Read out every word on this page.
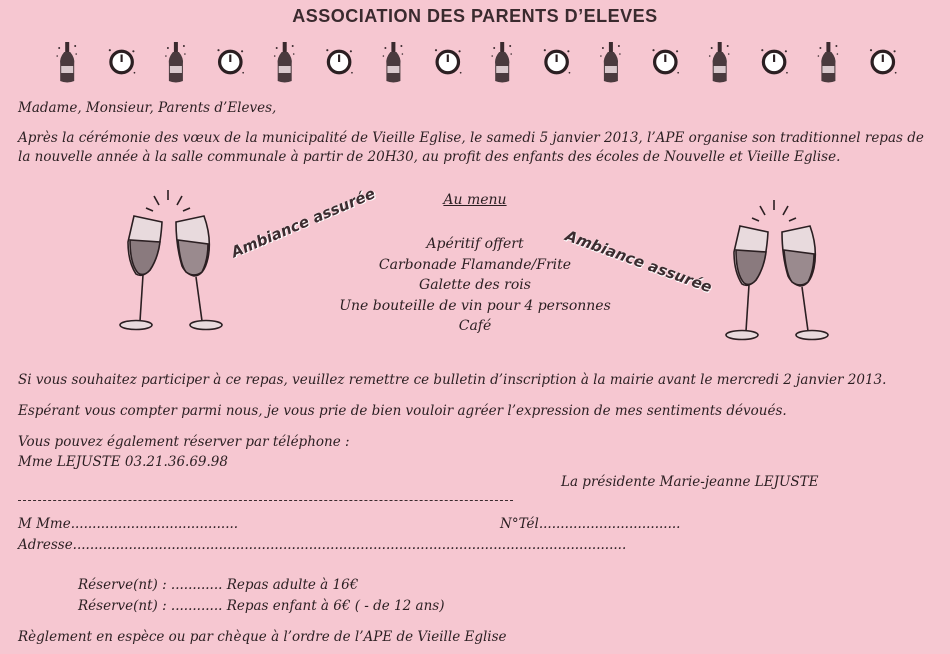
ASSOCIATION DES PARENTS D’ELEVES
Madame, Monsieur, Parents d’Eleves,
Après la cérémonie des vœux de la municipalité de Vieille Eglise, le samedi 5 janvier 2013, l’APE organise son traditionnel repas de la nouvelle année à la salle communale à partir de 20H30, au profit des enfants des écoles de Nouvelle et Vieille Eglise.
Ambiance assurée
Ambiance assurée
Au menu
Apéritif offert
Carbonade Flamande/Frite
Galette des rois
Une bouteille de vin pour 4 personnes
Café
Si vous souhaitez participer à ce repas, veuillez remettre ce bulletin d’inscription à la mairie avant le mercredi 2 janvier 2013.
Espérant vous compter parmi nous, je vous prie de bien vouloir agréer l’expression de mes sentiments dévoués.
Vous pouvez également réserver par téléphone :
Mme LEJUSTE 03.21.36.69.98
La présidente Marie-jeanne LEJUSTE
M Mme.......................................	N°Tél.................................
Adresse.................................................................................................................................
Réserve(nt) : ............ Repas adulte à 16€
Réserve(nt) : ............ Repas enfant à 6€ ( - de 12 ans)
Règlement en espèce ou par chèque à l’ordre de l’APE de Vieille Eglise
